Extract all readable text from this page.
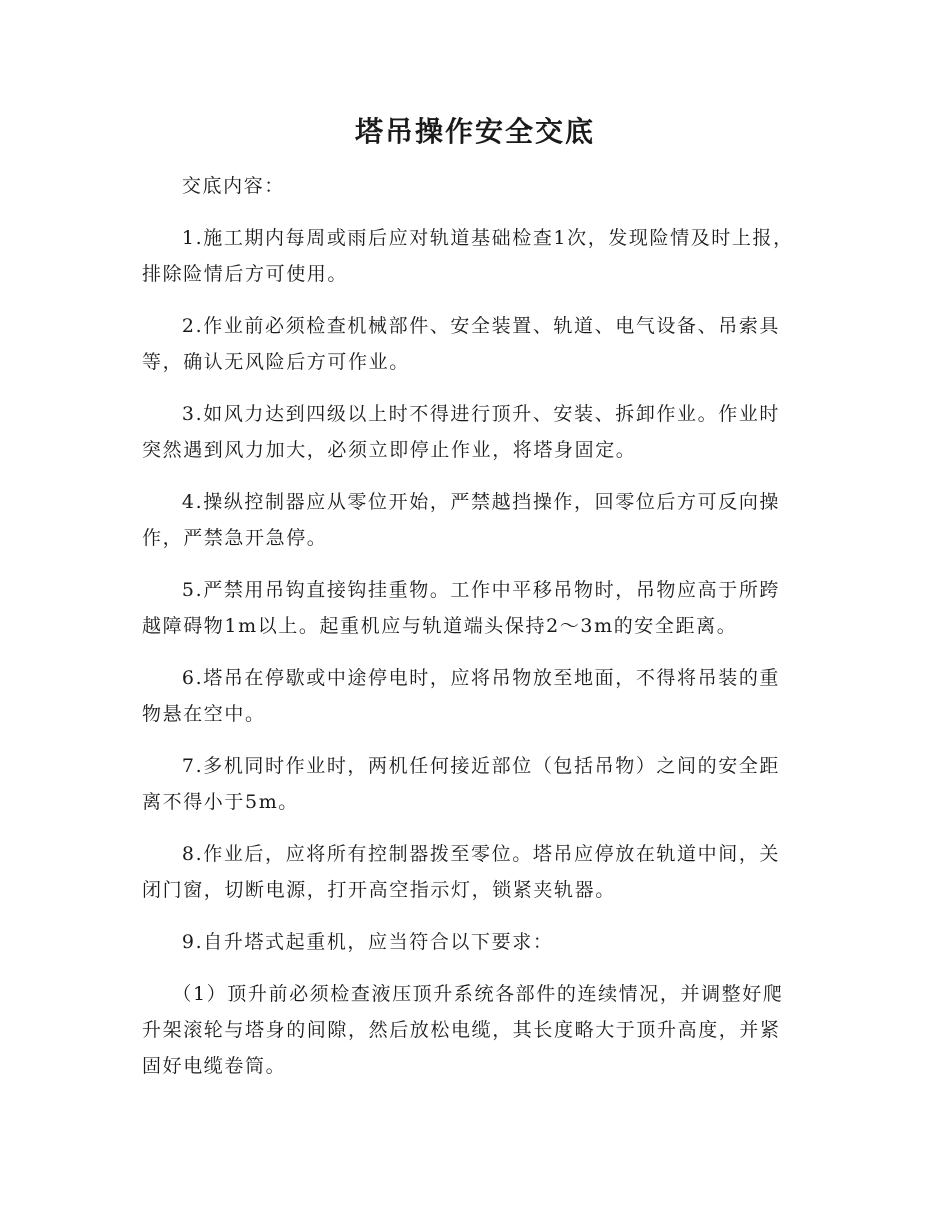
塔吊操作安全交底

交底内容：

1.施工期内每周或雨后应对轨道基础检查1次，发现险情及时上报，排除险情后方可使用。

2.作业前必须检查机械部件、安全装置、轨道、电气设备、吊索具等，确认无风险后方可作业。

3.如风力达到四级以上时不得进行顶升、安装、拆卸作业。作业时突然遇到风力加大，必须立即停止作业，将塔身固定。

4.操纵控制器应从零位开始，严禁越挡操作，回零位后方可反向操作，严禁急开急停。

5.严禁用吊钩直接钩挂重物。工作中平移吊物时，吊物应高于所跨越障碍物1m以上。起重机应与轨道端头保持2～3m的安全距离。

6.塔吊在停歇或中途停电时，应将吊物放至地面，不得将吊装的重物悬在空中。

7.多机同时作业时，两机任何接近部位（包括吊物）之间的安全距离不得小于5m。

8.作业后，应将所有控制器拨至零位。塔吊应停放在轨道中间，关闭门窗，切断电源，打开高空指示灯，锁紧夹轨器。

9.自升塔式起重机，应当符合以下要求：

（1）顶升前必须检查液压顶升系统各部件的连续情况，并调整好爬升架滚轮与塔身的间隙，然后放松电缆，其长度略大于顶升高度，并紧固好电缆卷筒。
